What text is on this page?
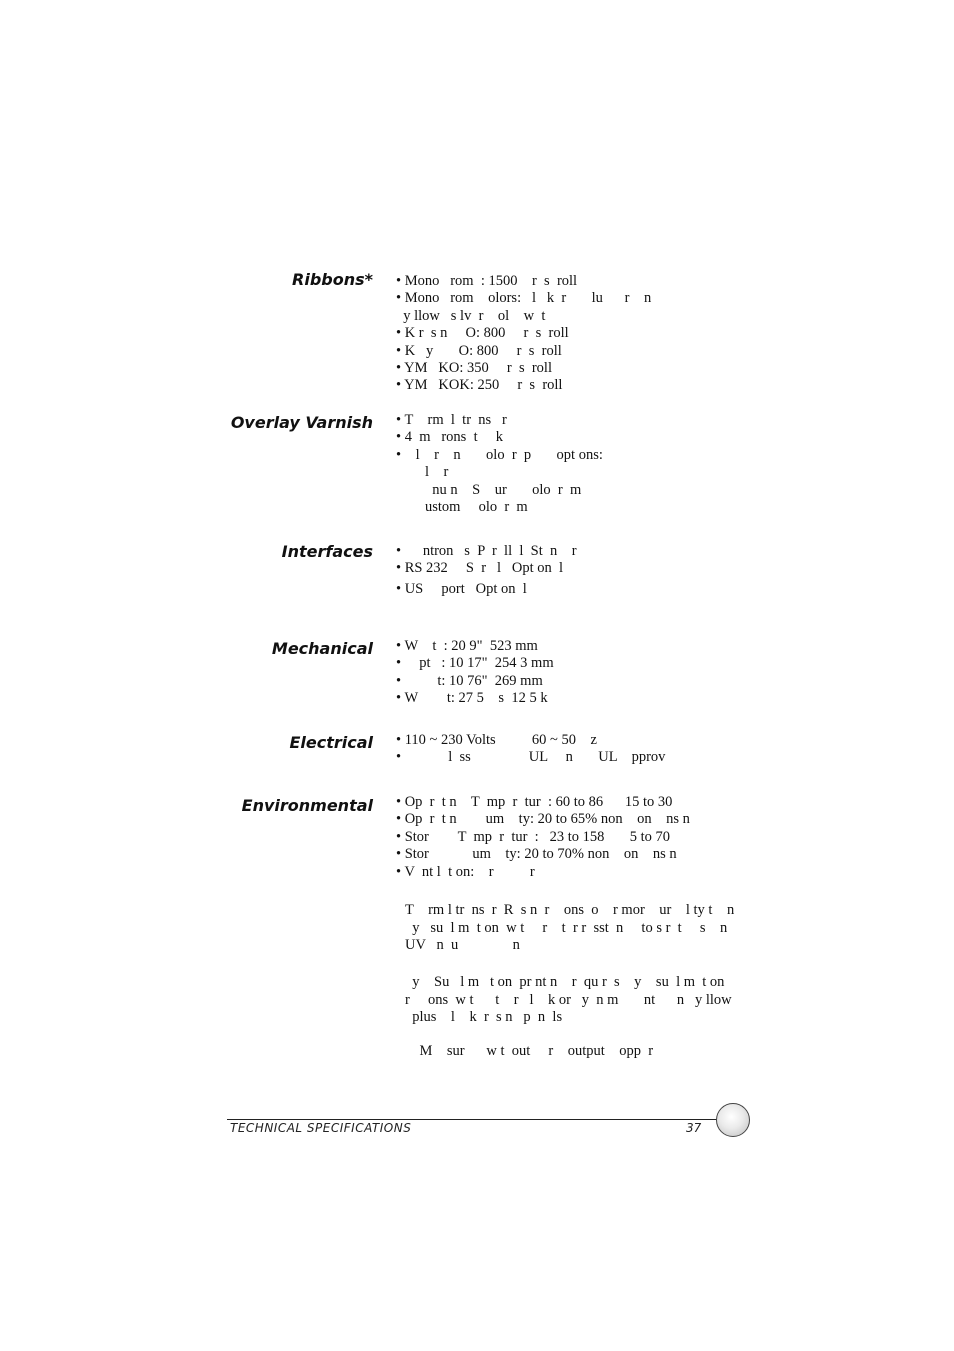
Ribbons* • Mono   rom  : 1500    r  s  roll
• Mono   rom    olors:   l   k  r       lu      r    n
y llow   s lv  r    ol    w  t
• K r  s n     O: 800     r  s  roll
• K   y       O: 800     r  s  roll
• YM   KO: 350     r  s  roll
• YM   KOK: 250     r  s  roll
Overlay Varnish • T    rm  l  tr  ns   r
• 4  m   rons  t     k
•    l    r    n       olo  r  p       opt ons:
l    r
nu n    S    ur       olo  r  m
ustom     olo  r  m
Interfaces •      ntron   s  P  r  ll  l  St  n    r
• RS 232     S  r   l   Opt on  l
• US     port   Opt on  l
Mechanical • W    t  : 20 9"  523 mm
•     pt   : 10 17"  254 3 mm
•          t: 10 76"  269 mm
• W        t: 27 5    s  12 5 k
Electrical • 110 ~ 230 Volts          60 ~ 50    z
•             l  ss                UL     n       UL    pprov
Environmental • Op  r  t n    T  mp  r  tur  : 60 to 86      15 to 30
• Op  r  t n        um    ty: 20 to 65% non    on    ns n
• Stor        T  mp  r  tur  :   23 to 158       5 to 70
• Stor            um    ty: 20 to 70% non    on    ns n
• V  nt l  t on:    r          r

T    rm l tr  ns  r  R  s n  r    ons  o    r mor    ur    l ty t    n

y   su  l m  t on  w t     r    t  r r  sst  n     to s r  t     s    n

UV   n  u               n

y    Su   l m   t on  pr nt n    r  qu r  s    y    su  l m  t on

r     ons  w t      t    r   l    k or   y  n m       nt      n   y llow

plus    l    k  r  s n   p  n  ls

M    sur      w t  out     r    output    opp  r

TECHNICAL SPECIFICATIONS	37
